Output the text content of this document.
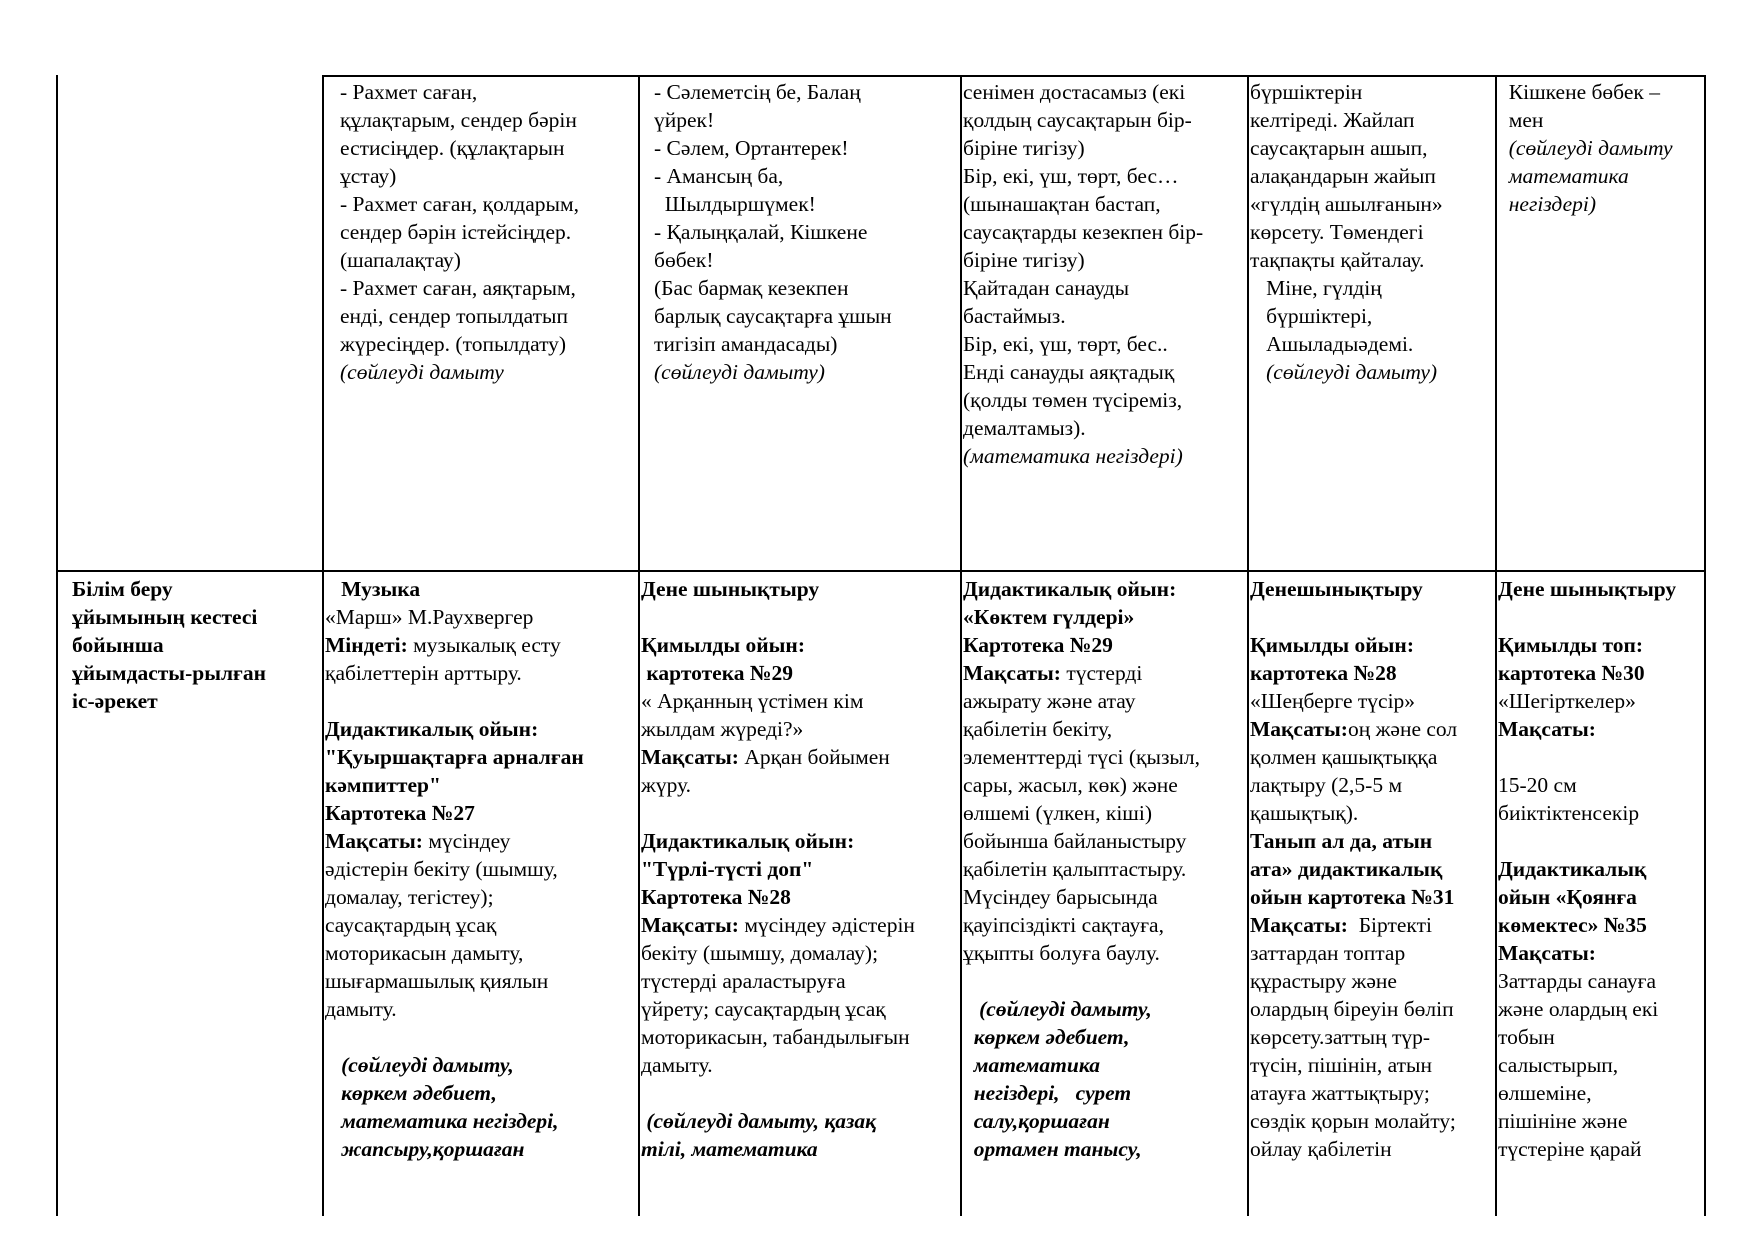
- Рахмет саған,
құлақтарым, сендер бәрін
естисіңдер. (құлақтарын
ұстау)
- Рахмет саған, қолдарым,
сендер бәрін істейсіңдер.
(шапалақтау)
- Рахмет саған, аяқтарым,
енді, сендер топылдатып
жүресіңдер. (топылдату)
(сөйлеуді дамыту
- Сәлеметсің бе, Балаң
үйрек!
- Сәлем, Ортантерек!
- Амансың ба,
Шылдыршүмек!
- Қалыңқалай, Кішкене
бөбек!
(Бас бармақ кезекпен
барлық саусақтарға ұшын
тигізіп амандасады)
(сөйлеуді дамыту)
сенімен достасамыз (екі
қолдың саусақтарын бір-
біріне тигізу)
Бір, екі, үш, төрт, бес…
(шынашақтан бастап,
саусақтарды кезекпен бір-
біріне тигізу)
Қайтадан санауды
бастаймыз.
Бір, екі, үш, төрт, бес..
Енді санауды аяқтадық
(қолды төмен түсіреміз,
демалтамыз).
(математика негіздері)
бүршіктерін
келтіреді. Жайлап
саусақтарын ашып,
алақандарын жайып
«гүлдің ашылғанын»
көрсету. Төмендегі
тақпақты қайталау.
Міне, гүлдің
бүршіктері,
Ашыладыәдемі.
(сөйлеуді дамыту)
Кішкене бөбек –
мен
(сөйлеуді дамыту
математика
негіздері)
Білім беру
ұйымының кестесі
бойынша
ұйымдасты-рылған
іс-әрекет
Музыка
«Марш» М.Раухвергер
Міндеті: музыкалық есту
қабілеттерін арттыру.
Дидактикалық ойын:
"Қуыршақтарға арналған
кәмпиттер"
Картотека №27
Мақсаты: мүсіндеу
әдістерін бекіту (шымшу,
домалау, тегістеу);
саусақтардың ұсақ
моторикасын дамыту,
шығармашылық қиялын
дамыту.
(сөйлеуді дамыту,
көркем әдебиет,
математика негіздері,
жапсыру,қоршаған
Дене шынықтыру
Қимылды ойын:
картотека №29
« Арқанның үстімен кім
жылдам жүреді?»
Мақсаты: Арқан бойымен
жүру.
Дидактикалық ойын:
"Түрлі-түсті доп"
Картотека №28
Мақсаты: мүсіндеу әдістерін
бекіту (шымшу, домалау);
түстерді араластыруға
үйрету; саусақтардың ұсақ
моторикасын, табандылығын
дамыту.
(сөйлеуді дамыту, қазақ
тілі, математика
Дидактикалық ойын:
«Көктем гүлдері»
Картотека №29
Мақсаты: түстерді
ажырату және атау
қабілетін бекіту,
элементтерді түсі (қызыл,
сары, жасыл, көк) және
өлшемі (үлкен, кіші)
бойынша байланыстыру
қабілетін қалыптастыру.
Мүсіндеу барысында
қауіпсіздікті сақтауға,
ұқыпты болуға баулу.
(сөйлеуді дамыту,
көркем әдебиет,
математика
негіздері,   сурет
салу,қоршаған
ортамен танысу,
Денешынықтыру
Қимылды ойын:
картотека №28
«Шеңберге түсір»
Мақсаты:оң және сол
қолмен қашықтыққа
лақтыру (2,5-5 м
қашықтық).
Танып ал да, атын
ата» дидактикалық
ойын картотека №31
Мақсаты:  Біртекті
заттардан топтар
құрастыру және
олардың біреуін бөліп
көрсету.заттың түр-
түсін, пішінін, атын
атауға жаттықтыру;
сөздік қорын молайту;
ойлау қабілетін
Дене шынықтыру
Қимылды топ:
картотека №30
«Шегірткелер»
Мақсаты:
15-20 см
биіктіктенсекір
Дидактикалық
ойын «Қоянға
көмектес» №35
Мақсаты:
Заттарды санауға
және олардың екі
тобын
салыстырып,
өлшеміне,
пішініне және
түстеріне қарай
